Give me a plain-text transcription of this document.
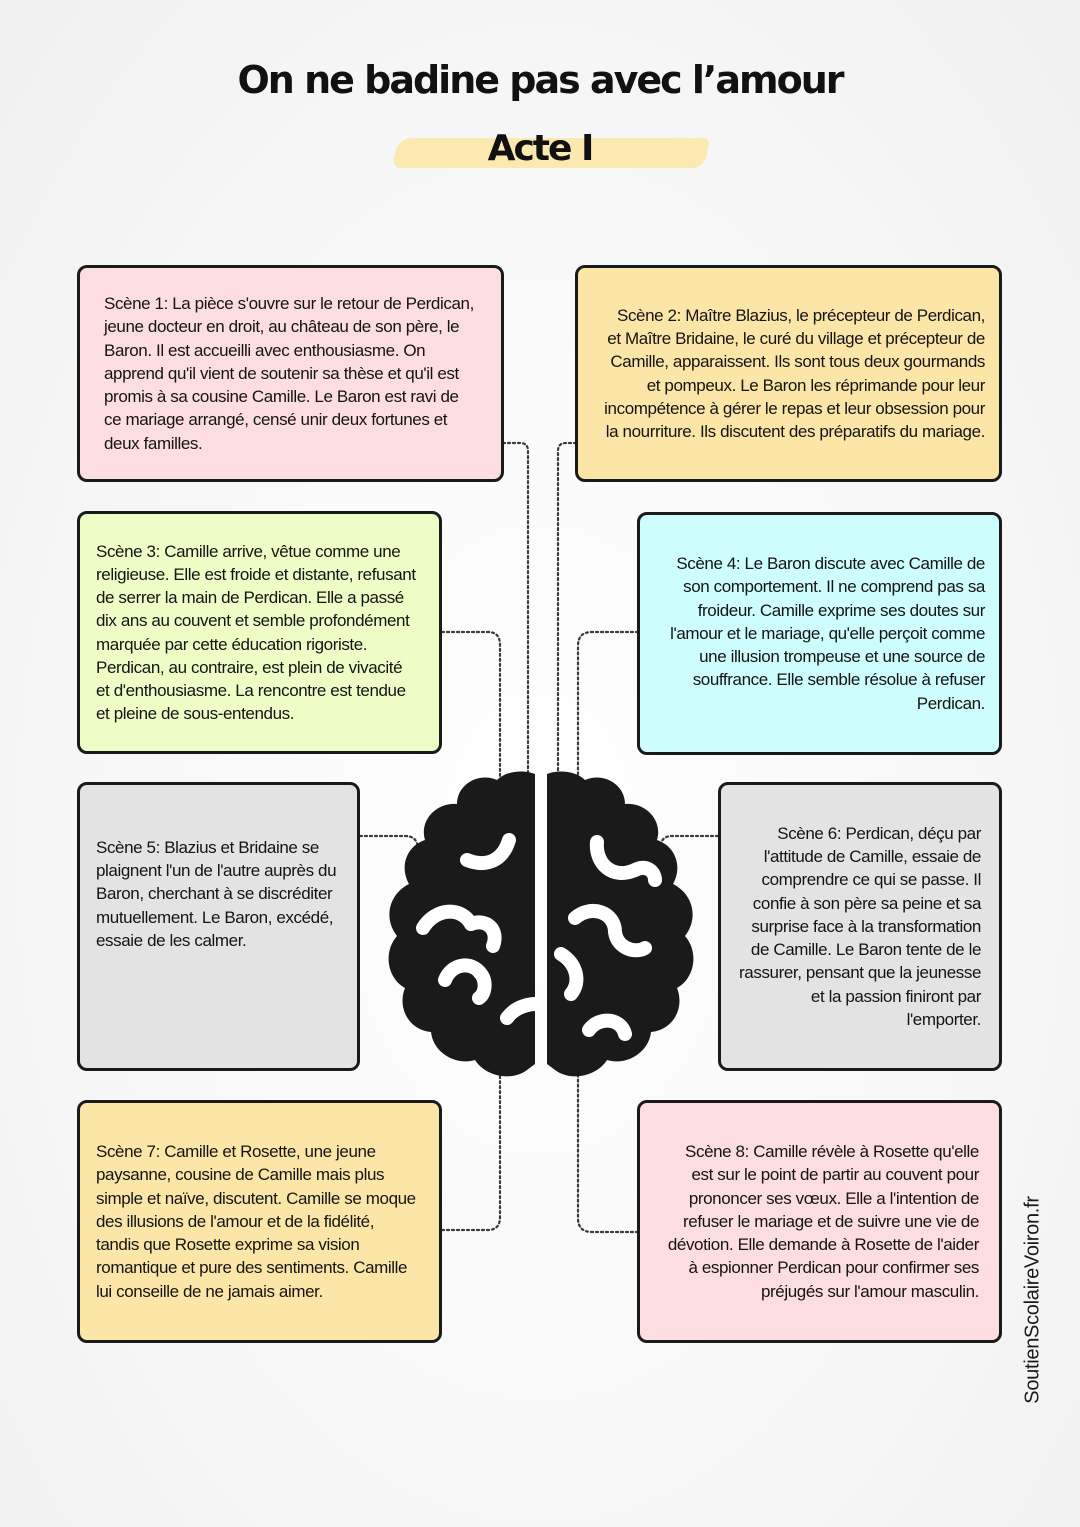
On ne badine pas avec l’amour
Acte I
Scène 1: La pièce s'ouvre sur le retour de Perdican, jeune docteur en droit, au château de son père, le Baron. Il est accueilli avec enthousiasme. On apprend qu'il vient de soutenir sa thèse et qu'il est promis à sa cousine Camille. Le Baron est ravi de ce mariage arrangé, censé unir deux fortunes et deux familles.
Scène 2: Maître Blazius, le précepteur de Perdican, et Maître Bridaine, le curé du village et précepteur de Camille, apparaissent. Ils sont tous deux gourmands et pompeux. Le Baron les réprimande pour leur incompétence à gérer le repas et leur obsession pour la nourriture. Ils discutent des préparatifs du mariage.
Scène 3: Camille arrive, vêtue comme une religieuse. Elle est froide et distante, refusant de serrer la main de Perdican. Elle a passé dix ans au couvent et semble profondément marquée par cette éducation rigoriste. Perdican, au contraire, est plein de vivacité et d'enthousiasme. La rencontre est tendue et pleine de sous-entendus.
Scène 4: Le Baron discute avec Camille de son comportement. Il ne comprend pas sa froideur. Camille exprime ses doutes sur l'amour et le mariage, qu'elle perçoit comme une illusion trompeuse et une source de souffrance. Elle semble résolue à refuser Perdican.
Scène 5: Blazius et Bridaine se plaignent l'un de l'autre auprès du Baron, cherchant à se discréditer mutuellement. Le Baron, excédé, essaie de les calmer.
Scène 6: Perdican, déçu par l'attitude de Camille, essaie de comprendre ce qui se passe. Il confie à son père sa peine et sa surprise face à la transformation de Camille. Le Baron tente de le rassurer, pensant que la jeunesse et la passion finiront par l'emporter.
Scène 7: Camille et Rosette, une jeune paysanne, cousine de Camille mais plus simple et naïve, discutent. Camille se moque des illusions de l'amour et de la fidélité, tandis que Rosette exprime sa vision romantique et pure des sentiments. Camille lui conseille de ne jamais aimer.
Scène 8: Camille révèle à Rosette qu'elle est sur le point de partir au couvent pour prononcer ses vœux. Elle a l'intention de refuser le mariage et de suivre une vie de dévotion. Elle demande à Rosette de l'aider à espionner Perdican pour confirmer ses préjugés sur l'amour masculin. SoutienScolaireVoiron.fr
